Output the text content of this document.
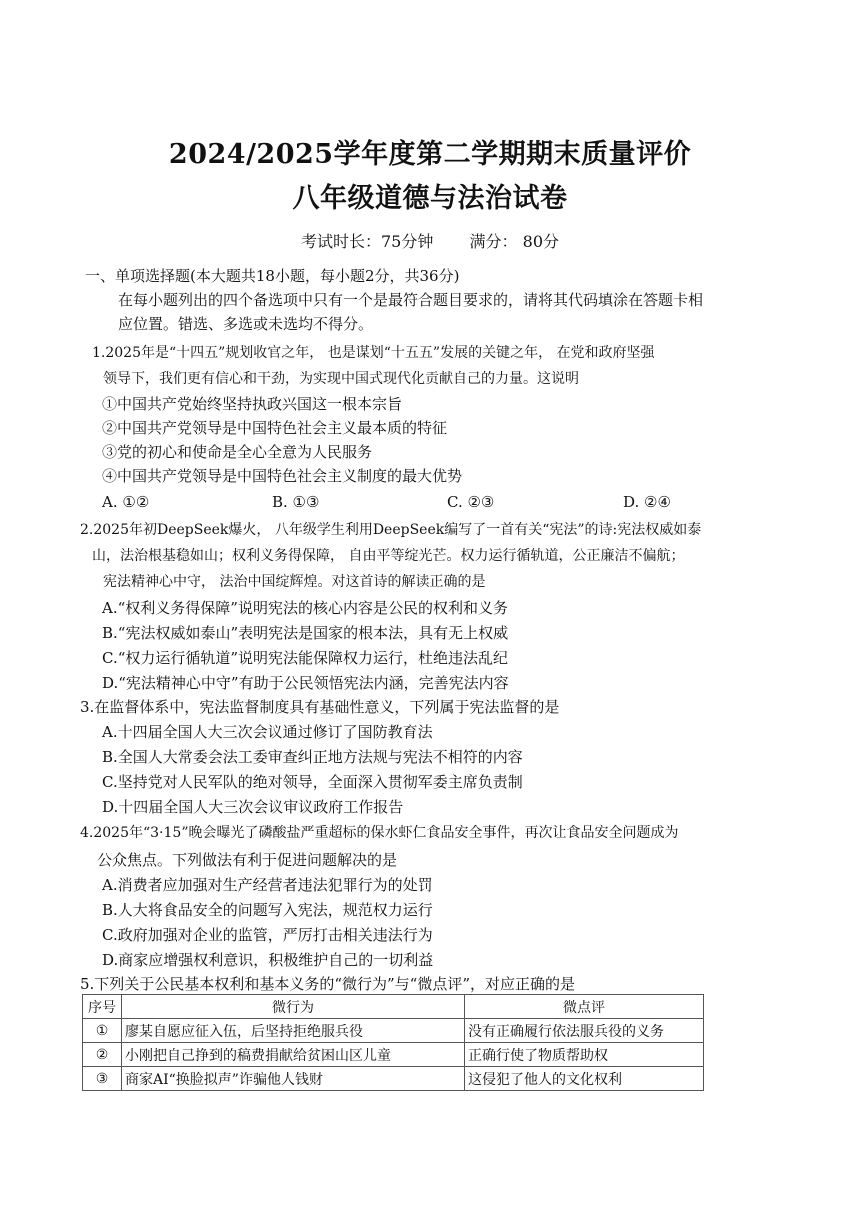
2024/2025学年度第二学期期末质量评价
八年级道德与法治试卷
考试时长：75分钟 满分： 80分
一、单项选择题(本大题共18小题，每小题2分，共36分)
在每小题列出的四个备选项中只有一个是最符合题目要求的，请将其代码填涂在答题卡相
应位置。错选、多选或未选均不得分。
1.2025年是“十四五”规划收官之年， 也是谋划“十五五”发展的关键之年， 在党和政府坚强
领导下，我们更有信心和干劲，为实现中国式现代化贡献自己的力量。这说明
①中国共产党始终坚持执政兴国这一根本宗旨
②中国共产党领导是中国特色社会主义最本质的特征
③党的初心和使命是全心全意为人民服务
④中国共产党领导是中国特色社会主义制度的最大优势
A. ①②	B. ①③	C. ②③	D. ②④
2.2025年初DeepSeek爆火， 八年级学生利用DeepSeek编写了一首有关“宪法”的诗:宪法权威如泰
山，法治根基稳如山；权利义务得保障， 自由平等绽光芒。权力运行循轨道，公正廉洁不偏航；
宪法精神心中守， 法治中国绽辉煌。对这首诗的解读正确的是
A.“权利义务得保障”说明宪法的核心内容是公民的权利和义务
B.“宪法权威如泰山”表明宪法是国家的根本法，具有无上权威
C.“权力运行循轨道”说明宪法能保障权力运行，杜绝违法乱纪
D.“宪法精神心中守”有助于公民领悟宪法内涵，完善宪法内容
3.在监督体系中，宪法监督制度具有基础性意义，下列属于宪法监督的是
A.十四届全国人大三次会议通过修订了国防教育法
B.全国人大常委会法工委审查纠正地方法规与宪法不相符的内容
C.坚持党对人民军队的绝对领导，全面深入贯彻军委主席负责制
D.十四届全国人大三次会议审议政府工作报告
4.2025年“3·15”晚会曝光了磷酸盐严重超标的保水虾仁食品安全事件，再次让食品安全问题成为
公众焦点。下列做法有利于促进问题解决的是
A.消费者应加强对生产经营者违法犯罪行为的处罚
B.人大将食品安全的问题写入宪法，规范权力运行
C.政府加强对企业的监管，严厉打击相关违法行为
D.商家应增强权利意识，积极维护自己的一切利益
5.下列关于公民基本权利和基本义务的“微行为”与“微点评”，对应正确的是
序号	微行为	微点评
①	廖某自愿应征入伍，后坚持拒绝服兵役	没有正确履行依法服兵役的义务
②	小刚把自己挣到的稿费捐献给贫困山区儿童	正确行使了物质帮助权
③	商家AI“换脸拟声”诈骗他人钱财	这侵犯了他人的文化权利
